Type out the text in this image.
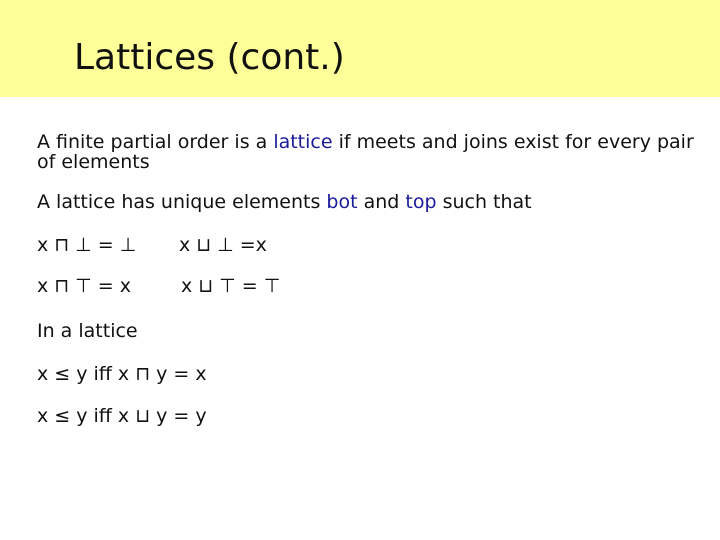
Lattices (cont.)
A finite partial order is a lattice if meets and joins exist for every pair of elements
A lattice has unique elements bot and top such that
x ⊓ ⊥ = ⊥ x ⊔ ⊥ =x
x ⊓ ⊤ = x	x ⊔ ⊤ = ⊤
In a lattice
x ≤ y iff x ⊓ y = x
x ≤ y iff x ⊔ y = y
